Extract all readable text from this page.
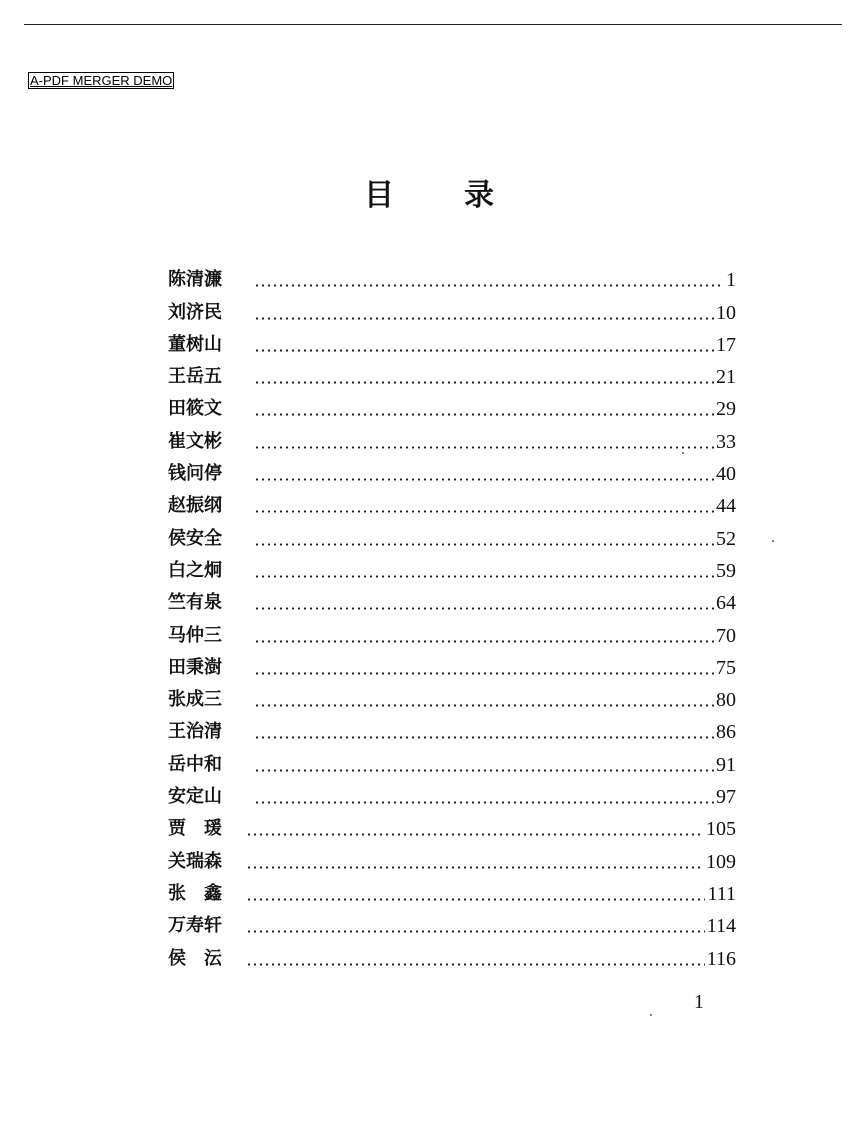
A-PDF MERGER DEMO
目 录
陈清濂	1
刘济民	10
董树山	17
王岳五	21
田筱文	29
崔文彬	33
钱问停	40
赵振纲	44
侯安全	52
白之炯	59
竺有泉	64
马仲三	70
田秉澍	75
张成三	80
王治清	86
岳中和	91
安定山	97
贾　瑗	105
关瑞森	109
张　鑫	111
万寿轩	114
侯　沄	116
1
